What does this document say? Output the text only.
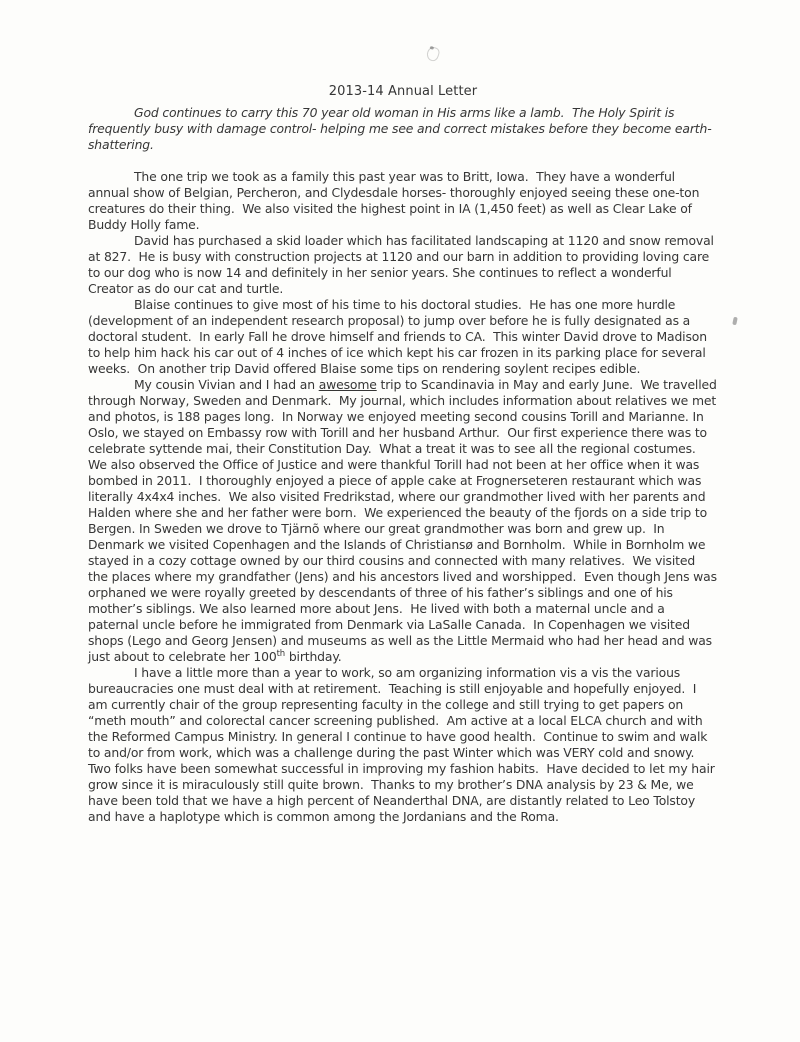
2013-14 Annual Letter

God continues to carry this 70 year old woman in His arms like a lamb.  The Holy Spirit is frequently busy with damage control- helping me see and correct mistakes before they become earth-shattering.

The one trip we took as a family this past year was to Britt, Iowa.  They have a wonderful annual show of Belgian, Percheron, and Clydesdale horses- thoroughly enjoyed seeing these one-ton creatures do their thing.  We also visited the highest point in IA (1,450 feet) as well as Clear Lake of Buddy Holly fame.

David has purchased a skid loader which has facilitated landscaping at 1120 and snow removal at 827.  He is busy with construction projects at 1120 and our barn in addition to providing loving care to our dog who is now 14 and definitely in her senior years. She continues to reflect a wonderful Creator as do our cat and turtle.

Blaise continues to give most of his time to his doctoral studies.  He has one more hurdle (development of an independent research proposal) to jump over before he is fully designated as a doctoral student.  In early Fall he drove himself and friends to CA.  This winter David drove to Madison to help him hack his car out of 4 inches of ice which kept his car frozen in its parking place for several weeks.  On another trip David offered Blaise some tips on rendering soylent recipes edible.

My cousin Vivian and I had an awesome trip to Scandinavia in May and early June.  We travelled through Norway, Sweden and Denmark.  My journal, which includes information about relatives we met and photos, is 188 pages long.  In Norway we enjoyed meeting second cousins Torill and Marianne. In Oslo, we stayed on Embassy row with Torill and her husband Arthur.  Our first experience there was to celebrate syttende mai, their Constitution Day.  What a treat it was to see all the regional costumes.  We also observed the Office of Justice and were thankful Torill had not been at her office when it was bombed in 2011.  I thoroughly enjoyed a piece of apple cake at Frognerseteren restaurant which was literally 4x4x4 inches.  We also visited Fredrikstad, where our grandmother lived with her parents and Halden where she and her father were born.  We experienced the beauty of the fjords on a side trip to Bergen. In Sweden we drove to Tjärnõ where our great grandmother was born and grew up.  In Denmark we visited Copenhagen and the Islands of Christiansø and Bornholm.  While in Bornholm we stayed in a cozy cottage owned by our third cousins and connected with many relatives.  We visited the places where my grandfather (Jens) and his ancestors lived and worshipped.  Even though Jens was orphaned we were royally greeted by descendants of three of his father’s siblings and one of his mother’s siblings. We also learned more about Jens.  He lived with both a maternal uncle and a paternal uncle before he immigrated from Denmark via LaSalle Canada.  In Copenhagen we visited shops (Lego and Georg Jensen) and museums as well as the Little Mermaid who had her head and was just about to celebrate her 100th birthday.

I have a little more than a year to work, so am organizing information vis a vis the various bureaucracies one must deal with at retirement.  Teaching is still enjoyable and hopefully enjoyed.  I am currently chair of the group representing faculty in the college and still trying to get papers on “meth mouth” and colorectal cancer screening published.  Am active at a local ELCA church and with the Reformed Campus Ministry. In general I continue to have good health.  Continue to swim and walk to and/or from work, which was a challenge during the past Winter which was VERY cold and snowy.  Two folks have been somewhat successful in improving my fashion habits.  Have decided to let my hair grow since it is miraculously still quite brown.  Thanks to my brother’s DNA analysis by 23 & Me, we have been told that we have a high percent of Neanderthal DNA, are distantly related to Leo Tolstoy and have a haplotype which is common among the Jordanians and the Roma.
